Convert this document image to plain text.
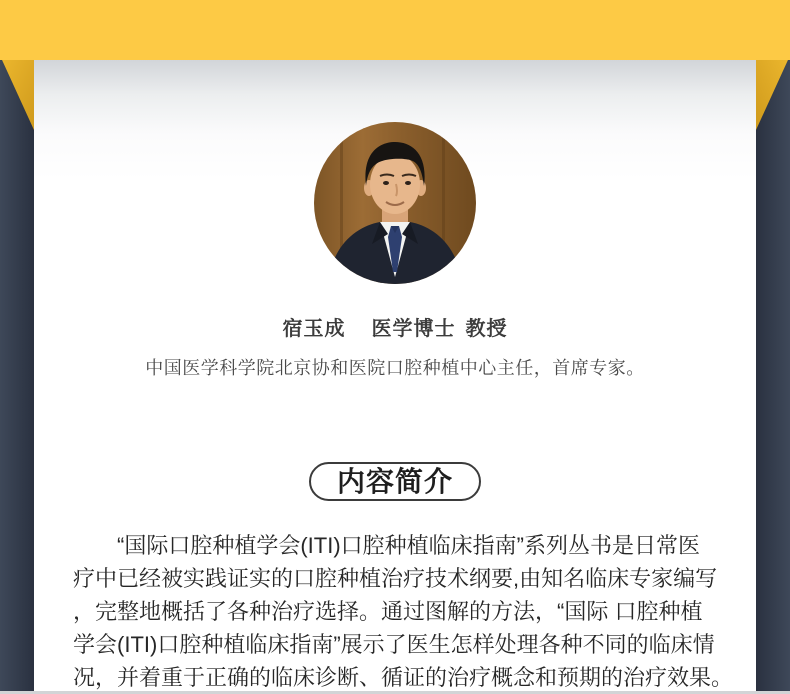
宿玉成 医学博士 教授
中国医学科学院北京协和医院口腔种植中心主任，首席专家。
内容简介
“国际口腔种植学会(ITI)口腔种植临床指南”系列丛书是日常医
疗中已经被实践证实的口腔种植治疗技术纲要,由知名临床专家编写
，完整地概括了各种治疗选择。通过图解的方法，“国际 口腔种植
学会(ITI)口腔种植临床指南”展示了医生怎样处理各种不同的临床情
况，并着重于正确的临床诊断、循证的治疗概念和预期的治疗效果。
